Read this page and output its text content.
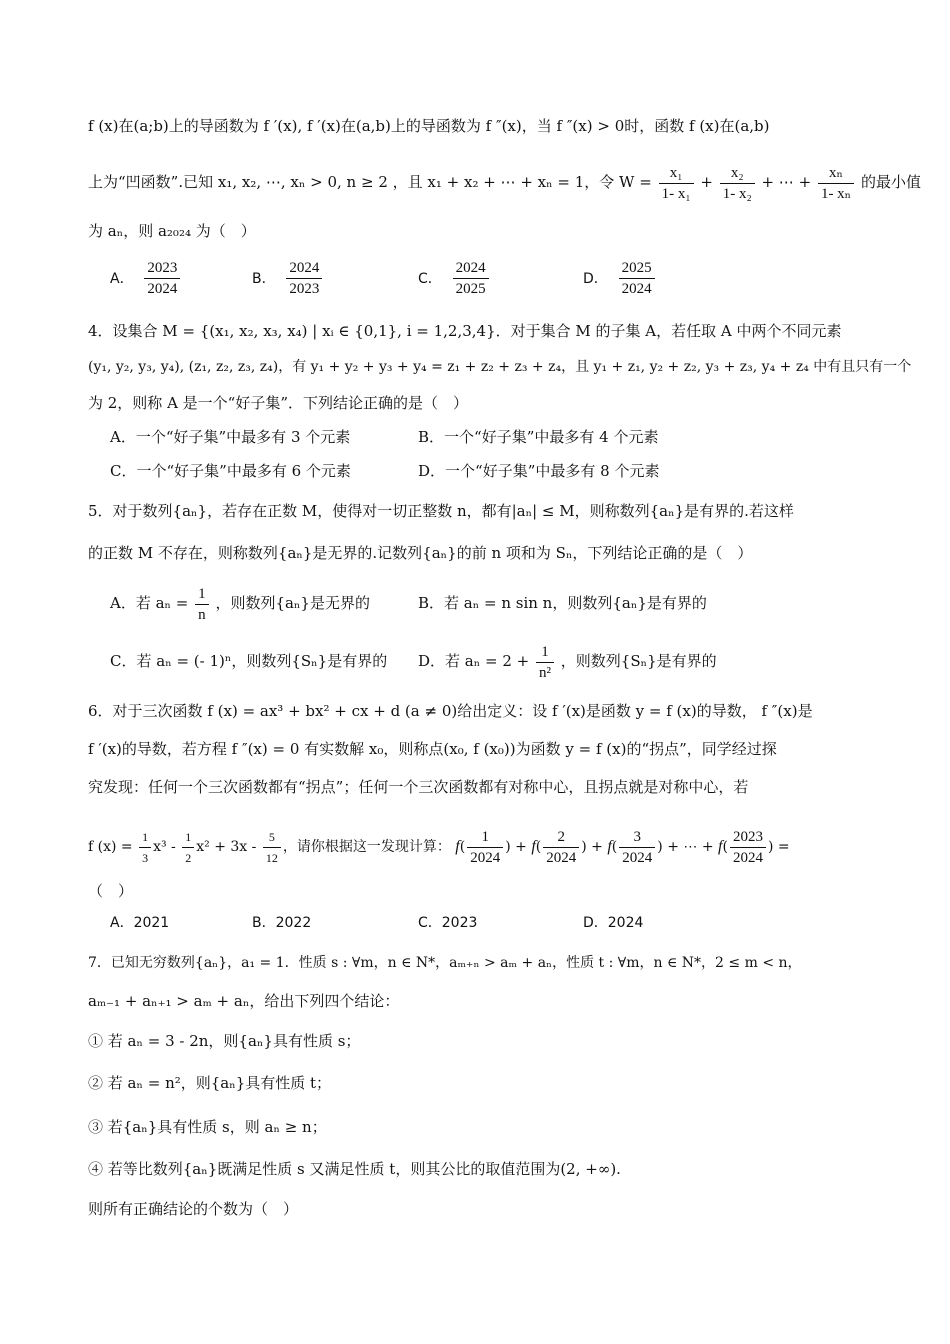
f (x)在(a;b)上的导函数为 f ′(x), f ′(x)在(a,b)上的导函数为 f ″(x)，当 f ″(x) > 0时，函数 f (x)在(a,b)
上为“凹函数”.已知 x₁, x₂, ⋯, xₙ > 0, n ≥ 2 ，且 x₁ + x₂ + ⋯ + xₙ = 1，令 $W = \frac{\text{x₁}}{\text{1- x₁}} + \frac{\text{x₂}}{\text{1- x₂}}$ + ⋯ + $\frac{\text{xₙ}}{\text{1- xₙ}}$ 的最小值
为 aₙ，则 a₂₀₂₄ 为（　）
A． $\frac{2023}{2024}$	B． $\frac{2024}{2023}$	C． $\frac{2024}{2025}$	D． $\frac{2025}{2024}$
4．设集合 M = {(x₁, x₂, x₃, x₄) | xᵢ ∈ {0,1}, i = 1,2,3,4}．对于集合 M 的子集 A，若任取 A 中两个不同元素
(y₁, y₂, y₃, y₄), (z₁, z₂, z₃, z₄)，有 y₁ + y₂ + y₃ + y₄ = z₁ + z₂ + z₃ + z₄，且 y₁ + z₁, y₂ + z₂, y₃ + z₃, y₄ + z₄ 中有且只有一个
为 2，则称 A 是一个“好子集”．下列结论正确的是（　）
A．一个“好子集”中最多有 3 个元素	B．一个“好子集”中最多有 4 个元素
C．一个“好子集”中最多有 6 个元素	D．一个“好子集”中最多有 8 个元素
5．对于数列{aₙ}，若存在正数 M，使得对一切正整数 n，都有|aₙ| ≤ M，则称数列{aₙ}是有界的.若这样
的正数 M 不存在，则称数列{aₙ}是无界的.记数列{aₙ}的前 n 项和为 Sₙ，下列结论正确的是（　）
A．若 $a_n = \frac{1}{n}$ ，则数列{aₙ}是无界的	B．若 aₙ = n sin n，则数列{aₙ}是有界的
C．若 aₙ = (- 1)ⁿ，则数列{Sₙ}是有界的 D．若 $a_n = 2 + \frac{1}{\text{n²}}$ ，则数列{Sₙ}是有界的
6．对于三次函数 f (x) = ax³ + bx² + cx + d (a ≠ 0)给出定义：设 f ′(x)是函数 y = f (x)的导数， f ″(x)是
f ′(x)的导数，若方程 f ″(x) = 0 有实数解 x₀，则称点(x₀, f (x₀))为函数 y = f (x)的“拐点”，同学经过探
究发现：任何一个三次函数都有“拐点”；任何一个三次函数都有对称中心，且拐点就是对称中心，若
f $(x) = \frac{1}{3} x^3 - \frac{1}{2} x^2 + 3x - \frac{5}{12}$ ，请你根据这一发现计算： $f( \frac{1}{2024}$ ) + $f( \frac{2}{2024}$ ) + $f( \frac{3}{2024}$ ) + ⋯ + $f( \frac{2023}{2024}$ ) =
（　）
A．2021	B．2022	C．2023	D．2024
7．已知无穷数列{aₙ}，a₁ = 1．性质 s : ∀m，n ∈ N*，aₘ₊ₙ > aₘ + aₙ，性质 t : ∀m，n ∈ N*，2 ≤ m < n，
aₘ₋₁ + aₙ₊₁ > aₘ + aₙ，给出下列四个结论：
① 若 aₙ = 3 - 2n，则{aₙ}具有性质 s；
② 若 aₙ = n²，则{aₙ}具有性质 t；
③ 若{aₙ}具有性质 s，则 aₙ ≥ n；
④ 若等比数列{aₙ}既满足性质 s 又满足性质 t，则其公比的取值范围为(2, +∞).
则所有正确结论的个数为（　）
